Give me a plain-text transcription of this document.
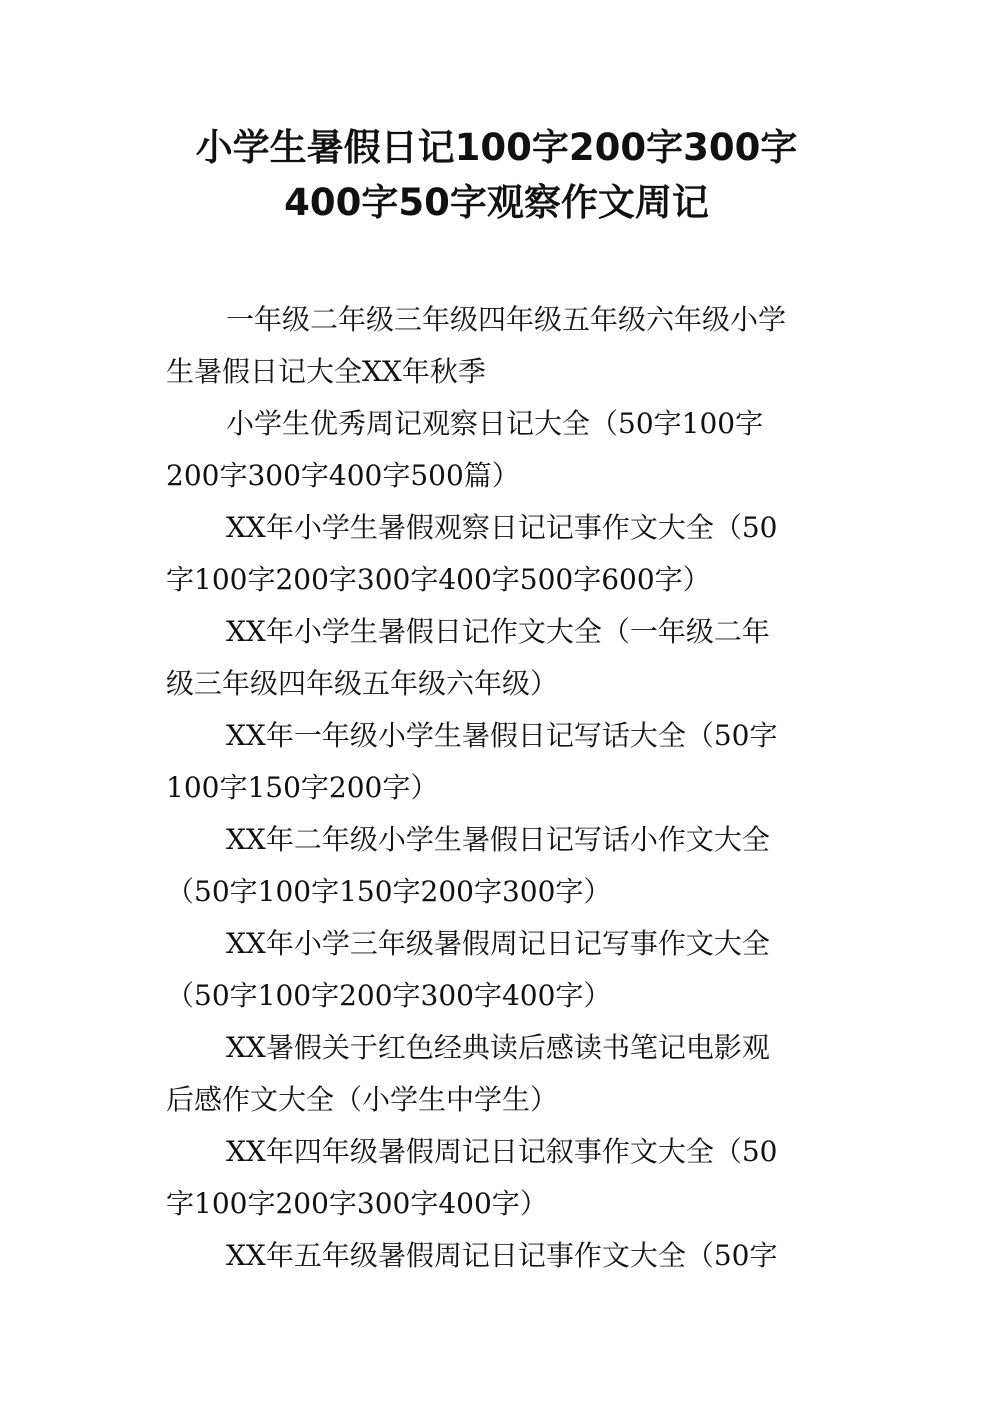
小学生暑假日记100字200字300字
400字50字观察作文周记

一年级二年级三年级四年级五年级六年级小学
生暑假日记大全XX年秋季

小学生优秀周记观察日记大全（50字100字
200字300字400字500篇）

XX年小学生暑假观察日记记事作文大全（50
字100字200字300字400字500字600字）

XX年小学生暑假日记作文大全（一年级二年
级三年级四年级五年级六年级）

XX年一年级小学生暑假日记写话大全（50字
100字150字200字）

XX年二年级小学生暑假日记写话小作文大全
（50字100字150字200字300字）

XX年小学三年级暑假周记日记写事作文大全
（50字100字200字300字400字）

XX暑假关于红色经典读后感读书笔记电影观
后感作文大全（小学生中学生）

XX年四年级暑假周记日记叙事作文大全（50
字100字200字300字400字）

XX年五年级暑假周记日记事作文大全（50字
